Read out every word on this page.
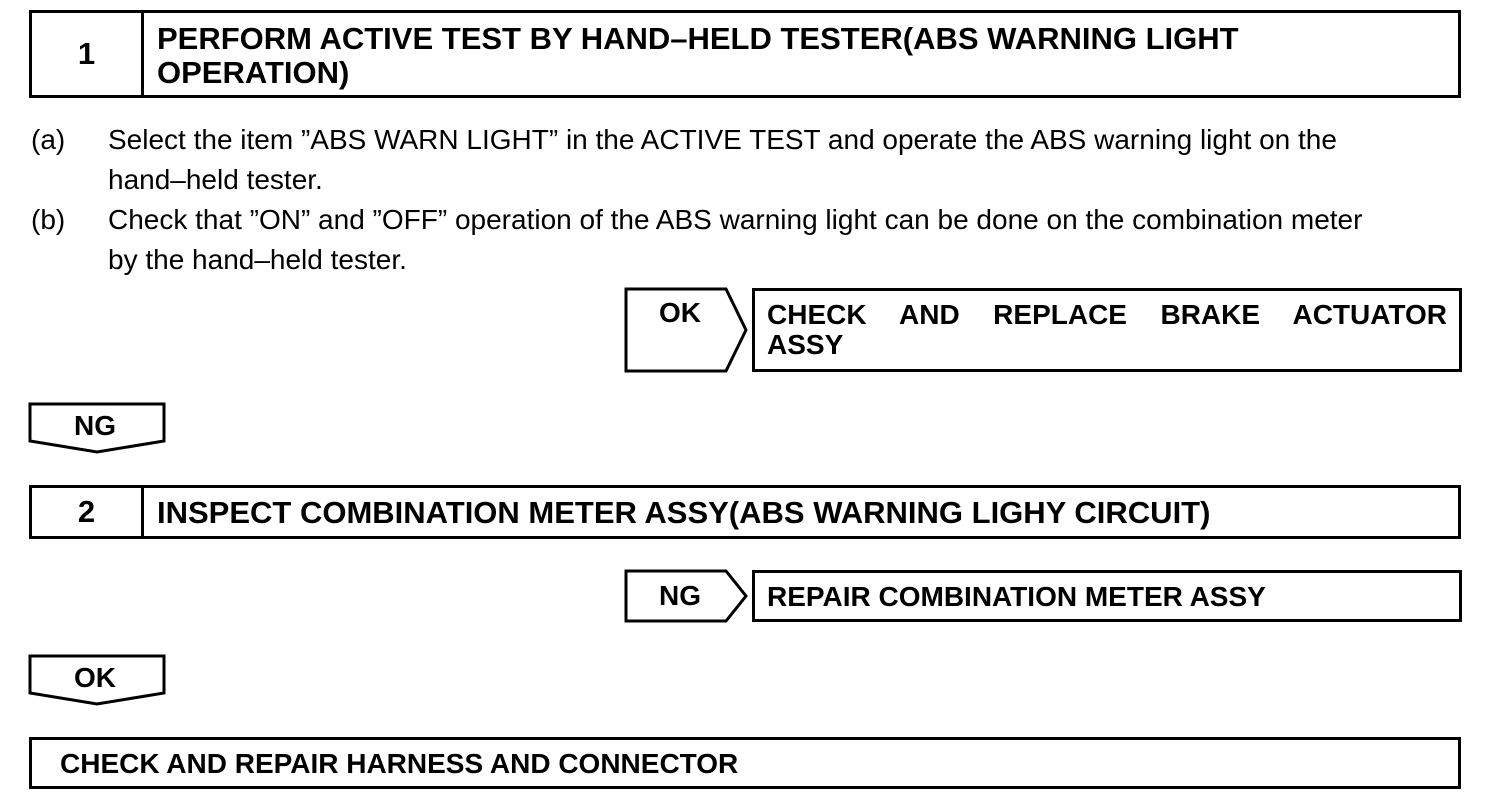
1	PERFORM ACTIVE TEST BY HAND–HELD TESTER(ABS WARNING LIGHT
OPERATION)
(a) Select the item ”ABS WARN LIGHT” in the ACTIVE TEST and operate the ABS warning light on the
hand–held tester.
(b) Check that ”ON” and ”OFF” operation of the ABS warning light can be done on the combination meter
by the hand–held tester.
OK	CHECK AND REPLACE BRAKE ACTUATOR
ASSY
NG
2	INSPECT COMBINATION METER ASSY(ABS WARNING LIGHY CIRCUIT)
NG	REPAIR COMBINATION METER ASSY
OK
CHECK AND REPAIR HARNESS AND CONNECTOR
